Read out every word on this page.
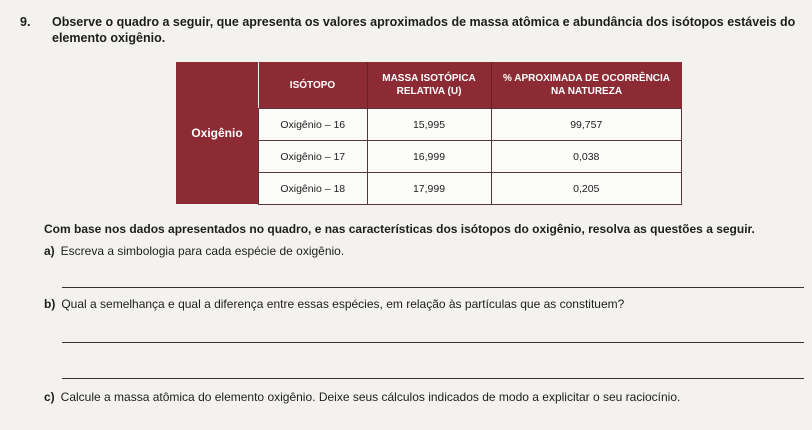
9. Observe o quadro a seguir, que apresenta os valores aproximados de massa atômica e abundância dos isótopos estáveis do elemento oxigênio.
Oxigênio
ISÓTOPO	MASSA ISOTÓPICA RELATIVA (U)	% APROXIMADA DE OCORRÊNCIA NA NATUREZA
Oxigênio – 16	15,995	99,757
Oxigênio – 17	16,999	0,038
Oxigênio – 18	17,999	0,205
Com base nos dados apresentados no quadro, e nas características dos isótopos do oxigênio, resolva as questões a seguir.
a) Escreva a simbologia para cada espécie de oxigênio.
b) Qual a semelhança e qual a diferença entre essas espécies, em relação às partículas que as constituem?
c) Calcule a massa atômica do elemento oxigênio. Deixe seus cálculos indicados de modo a explicitar o seu raciocínio.
